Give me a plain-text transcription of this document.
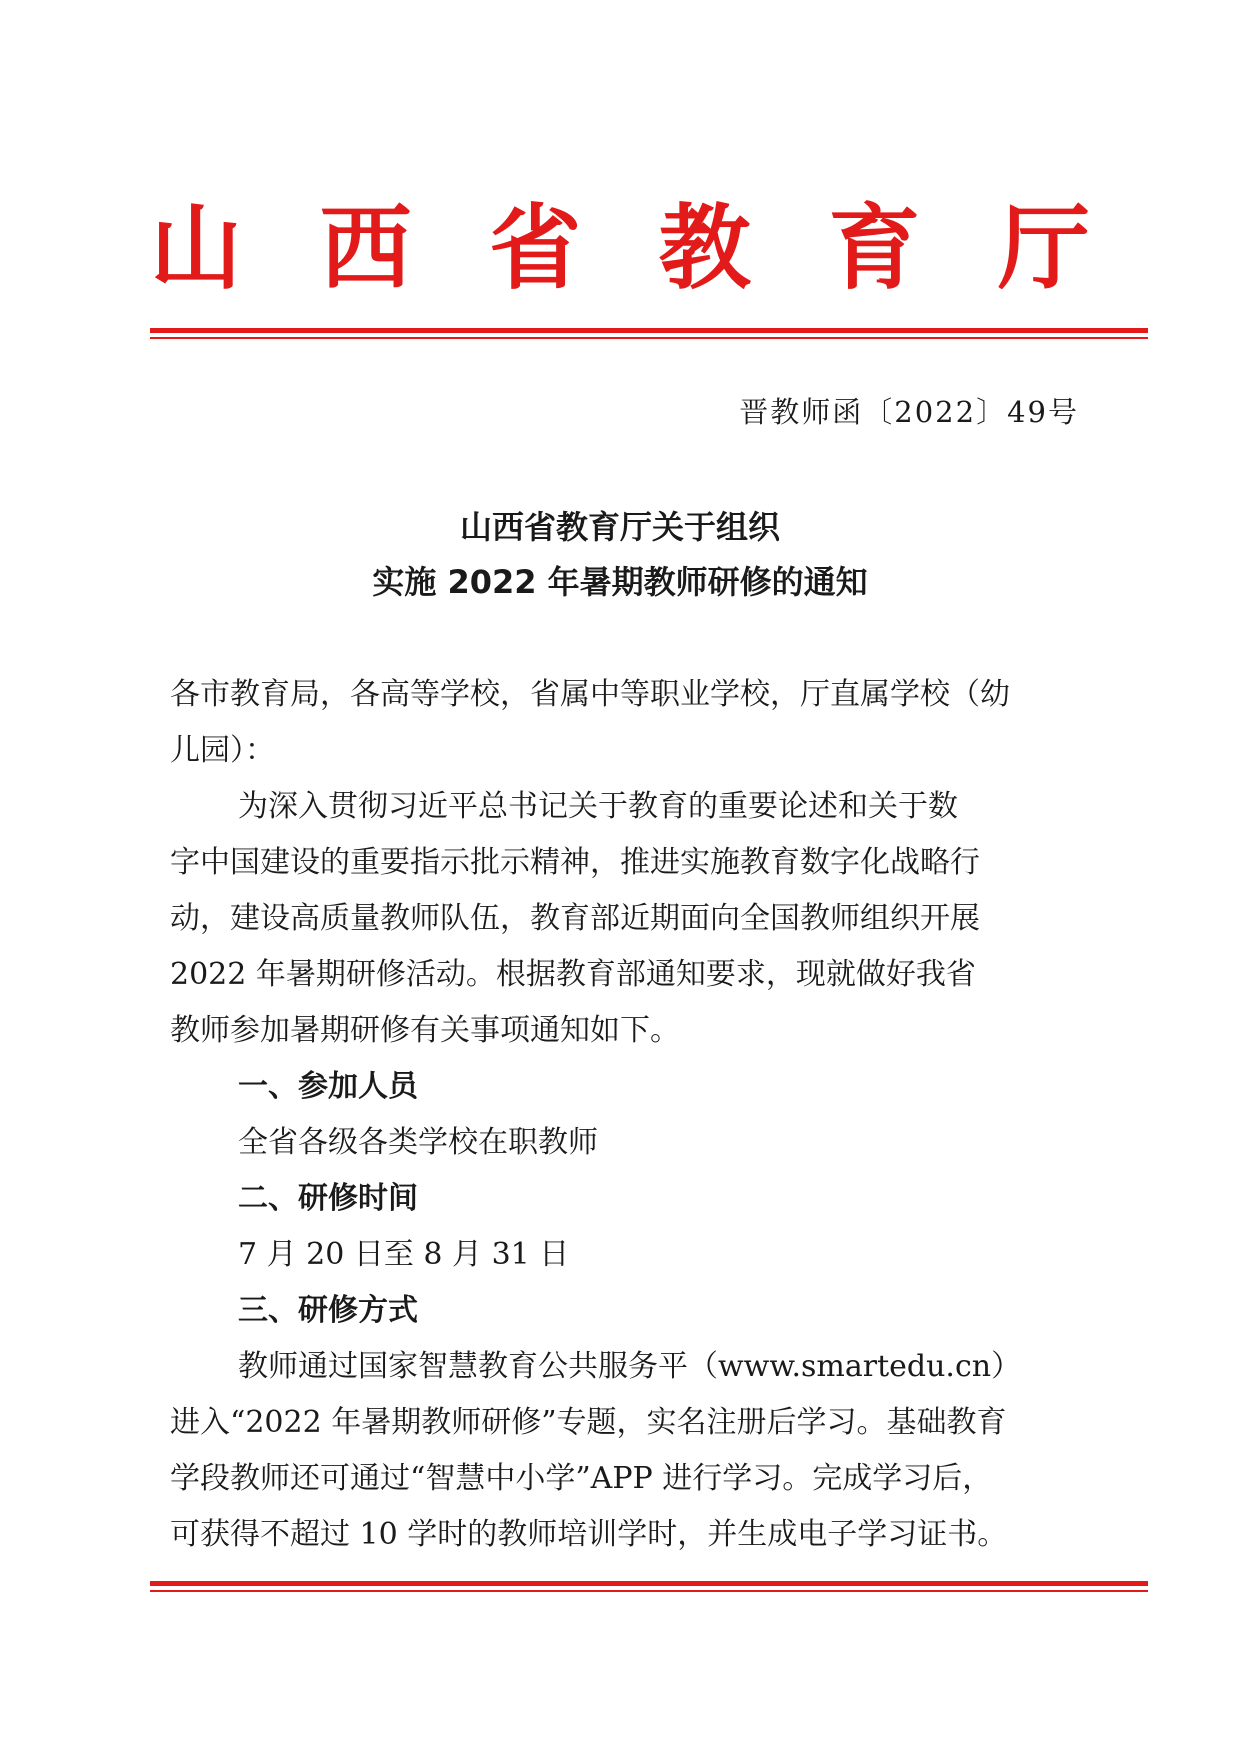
山 西 省 教 育 厅
晋教师函〔2022〕49号
山西省教育厅关于组织
实施 2022 年暑期教师研修的通知

各市教育局，各高等学校，省属中等职业学校，厅直属学校（幼

儿园）：

为深入贯彻习近平总书记关于教育的重要论述和关于数

字中国建设的重要指示批示精神，推进实施教育数字化战略行

动，建设高质量教师队伍，教育部近期面向全国教师组织开展

2022 年暑期研修活动。根据教育部通知要求，现就做好我省

教师参加暑期研修有关事项通知如下。

一、参加人员

全省各级各类学校在职教师

二、研修时间

7 月 20 日至 8 月 31 日

三、研修方式

教师通过国家智慧教育公共服务平（www.smartedu.cn）

进入“2022 年暑期教师研修”专题，实名注册后学习。基础教育

学段教师还可通过“智慧中小学”APP 进行学习。完成学习后，

可获得不超过 10 学时的教师培训学时，并生成电子学习证书。
